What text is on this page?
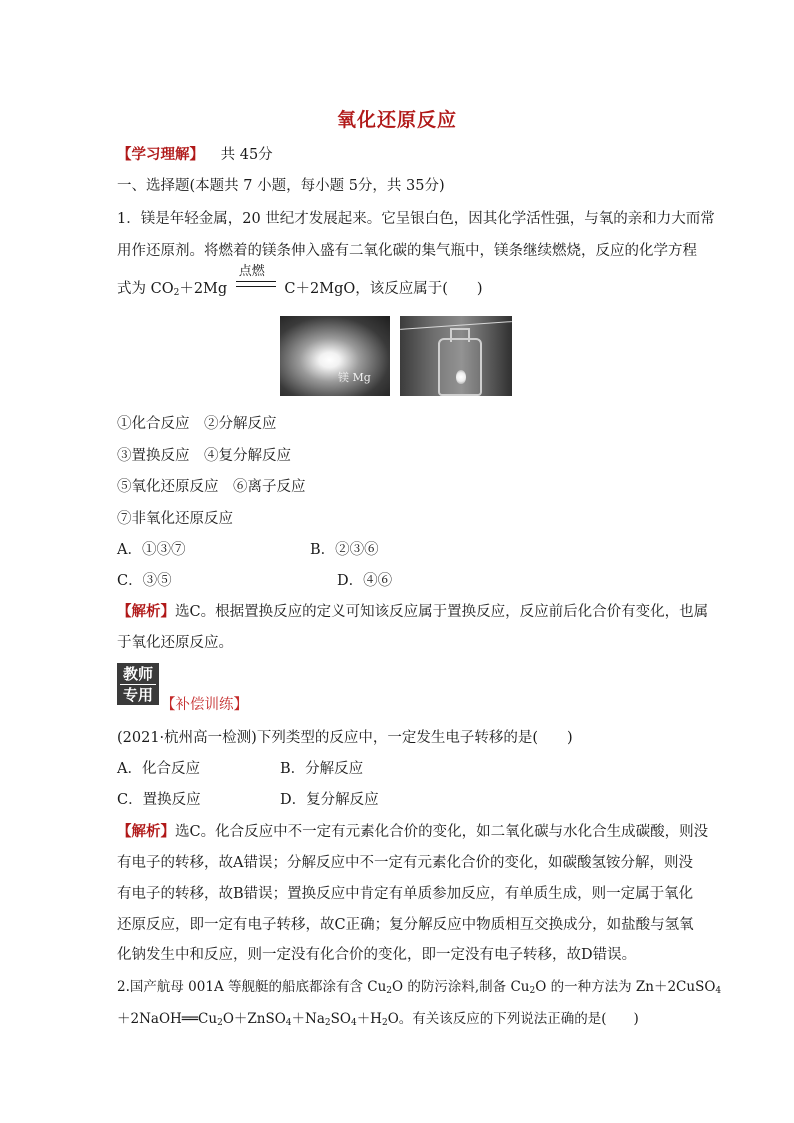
氧化还原反应
【学习理解】 共 45分
一、选择题(本题共 7 小题，每小题 5分，共 35分)
1．镁是年轻金属，20 世纪才发展起来。它呈银白色，因其化学活性强，与氧的亲和力大而常
用作还原剂。将燃着的镁条伸入盛有二氧化碳的集气瓶中，镁条继续燃烧，反应的化学方程
式为 $CO_2+2Mg$
点燃
C＋2MgO，该反应属于(　　)
镁 Mg
①化合反应　②分解反应
③置换反应　④复分解反应
⑤氧化还原反应　⑥离子反应
⑦非氧化还原反应
A．①③⑦	B．②③⑥
C．③⑤	D．④⑥
【解析】选C。根据置换反应的定义可知该反应属于置换反应，反应前后化合价有变化，也属
于氧化还原反应。
教师
专用
【补偿训练】
(2021·杭州高一检测)下列类型的反应中，一定发生电子转移的是(　　)
A．化合反应	B．分解反应
C．置换反应	D．复分解反应
【解析】选C。化合反应中不一定有元素化合价的变化，如二氧化碳与水化合生成碳酸，则没
有电子的转移，故A错误；分解反应中不一定有元素化合价的变化，如碳酸氢铵分解，则没
有电子的转移，故B错误；置换反应中肯定有单质参加反应，有单质生成，则一定属于氧化
还原反应，即一定有电子转移，故C正确；复分解反应中物质相互交换成分，如盐酸与氢氧
化钠发生中和反应，则一定没有化合价的变化，即一定没有电子转移，故D错误。
2.国产航母 001A 等舰艇的船底都涂有含 $Cu_2O$ 的防污涂料,制备 $Cu_2O$ 的一种方法为 Zn＋2CuSO$_4$
$+2NaOH══Cu_2O+ZnSO_4+Na_2SO_4+H_2O$。有关该反应的下列说法正确的是(　　)
